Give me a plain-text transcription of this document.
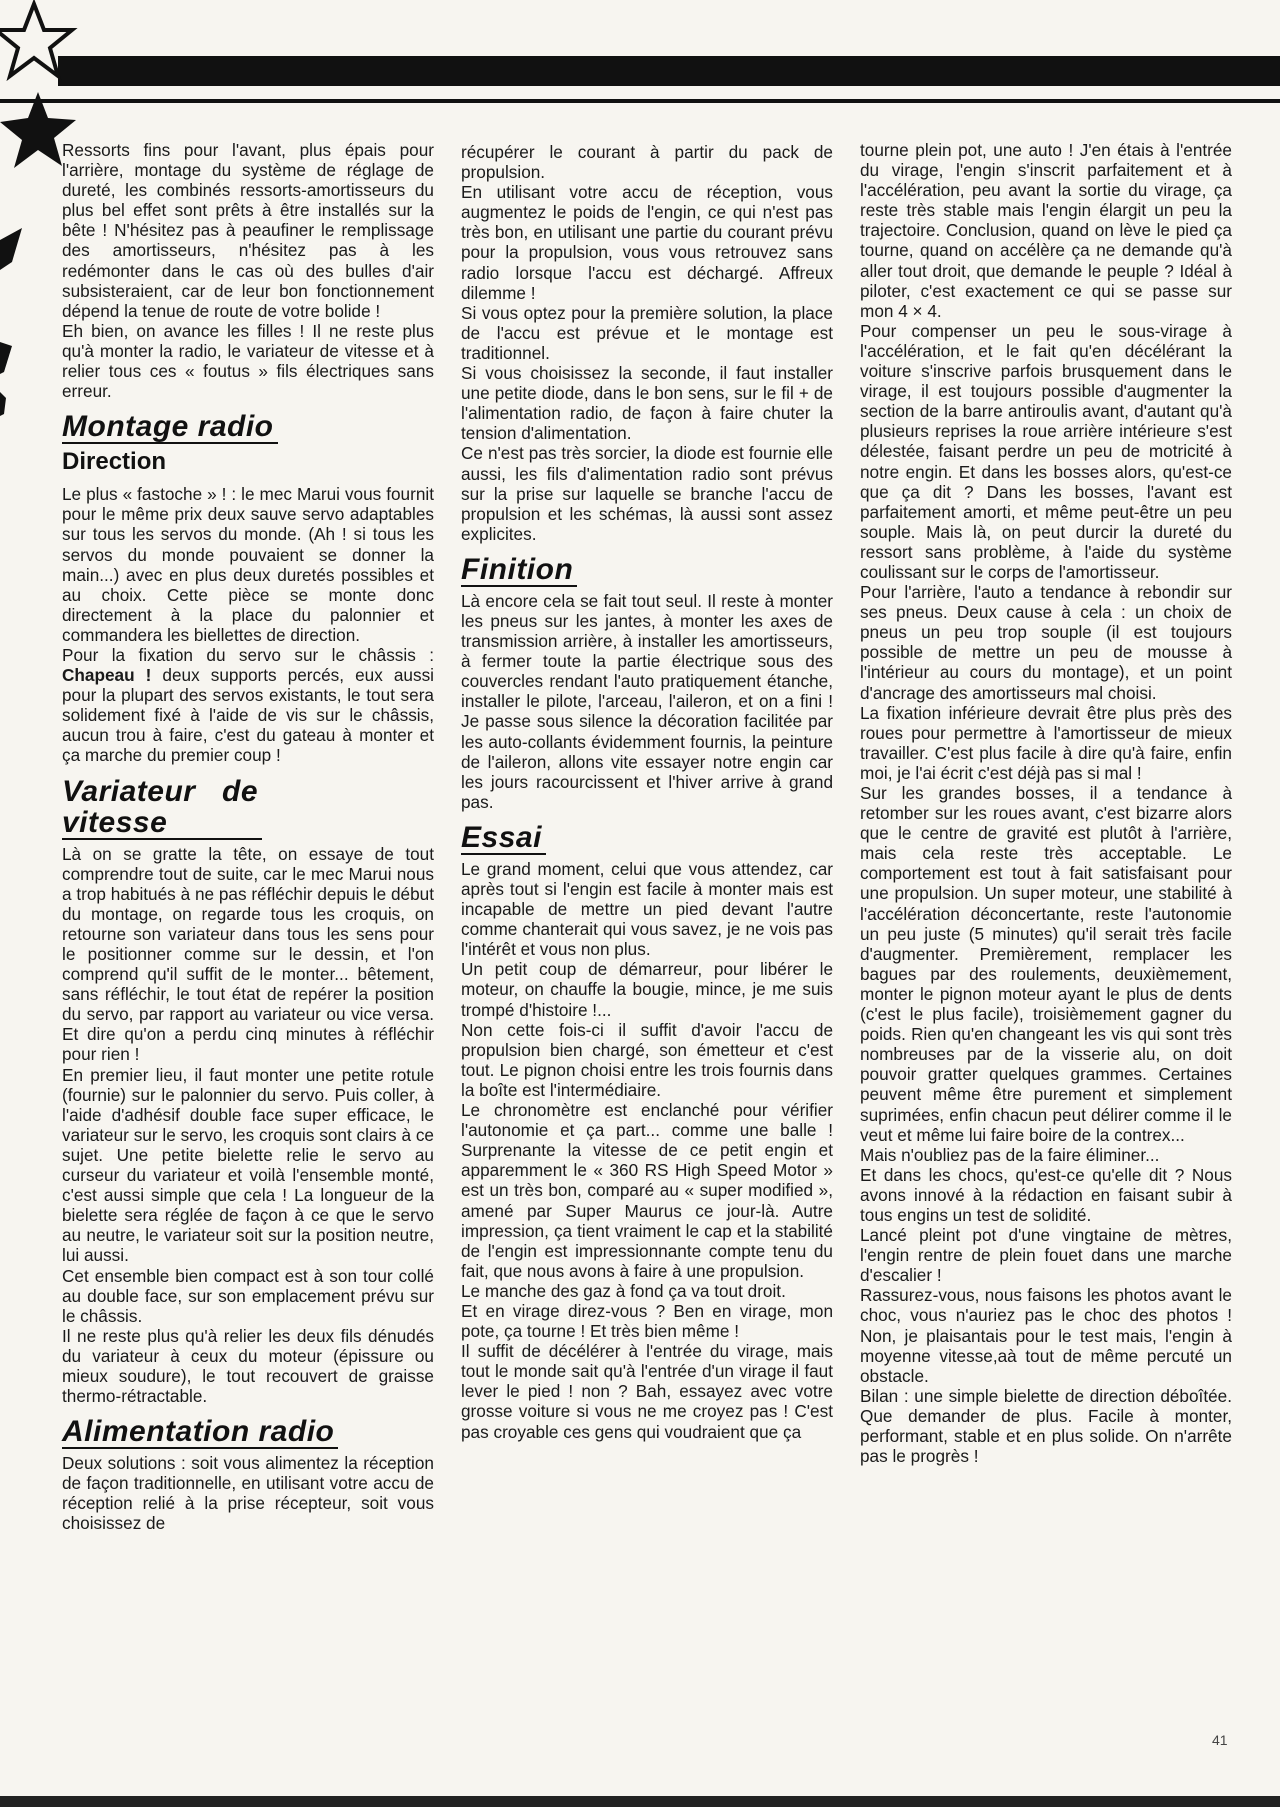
Ressorts fins pour l'avant, plus épais pour l'arrière, montage du système de réglage de dureté, les combinés ressorts-amortisseurs du plus bel effet sont prêts à être installés sur la bête ! N'hésitez pas à peaufiner le remplissage des amortisseurs, n'hésitez pas à les redémonter dans le cas où des bulles d'air subsisteraient, car de leur bon fonctionnement dépend la tenue de route de votre bolide !

Eh bien, on avance les filles ! Il ne reste plus qu'à monter la radio, le variateur de vitesse et à relier tous ces « foutus » fils électriques sans erreur.

Montage radio
Direction

Le plus « fastoche » ! : le mec Marui vous fournit pour le même prix deux sauve servo adaptables sur tous les servos du monde. (Ah ! si tous les servos du monde pouvaient se donner la main...) avec en plus deux duretés possibles et au choix. Cette pièce se monte donc directement à la place du palonnier et commandera les biellettes de direction.

Pour la fixation du servo sur le châssis : Chapeau ! deux supports percés, eux aussi pour la plupart des servos existants, le tout sera solidement fixé à l'aide de vis sur le châssis, aucun trou à faire, c'est du gateau à monter et ça marche du premier coup !

Variateur de vitesse

Là on se gratte la tête, on essaye de tout comprendre tout de suite, car le mec Marui nous a trop habitués à ne pas réfléchir depuis le début du montage, on regarde tous les croquis, on retourne son variateur dans tous les sens pour le positionner comme sur le dessin, et l'on comprend qu'il suffit de le monter... bêtement, sans réfléchir, le tout état de repérer la position du servo, par rapport au variateur ou vice versa. Et dire qu'on a perdu cinq minutes à réfléchir pour rien !

En premier lieu, il faut monter une petite rotule (fournie) sur le palonnier du servo. Puis coller, à l'aide d'adhésif double face super efficace, le variateur sur le servo, les croquis sont clairs à ce sujet. Une petite bielette relie le servo au curseur du variateur et voilà l'ensemble monté, c'est aussi simple que cela ! La longueur de la bielette sera réglée de façon à ce que le servo au neutre, le variateur soit sur la position neutre, lui aussi.

Cet ensemble bien compact est à son tour collé au double face, sur son emplacement prévu sur le châssis.

Il ne reste plus qu'à relier les deux fils dénudés du variateur à ceux du moteur (épissure ou mieux soudure), le tout recouvert de graisse thermo-rétractable.

Alimentation radio

Deux solutions : soit vous alimentez la réception de façon traditionnelle, en utilisant votre accu de réception relié à la prise récepteur, soit vous choisissez de

récupérer le courant à partir du pack de propulsion.

En utilisant votre accu de réception, vous augmentez le poids de l'engin, ce qui n'est pas très bon, en utilisant une partie du courant prévu pour la propulsion, vous vous retrouvez sans radio lorsque l'accu est déchargé. Affreux dilemme !

Si vous optez pour la première solution, la place de l'accu est prévue et le montage est traditionnel.

Si vous choisissez la seconde, il faut installer une petite diode, dans le bon sens, sur le fil + de l'alimentation radio, de façon à faire chuter la tension d'alimentation.

Ce n'est pas très sorcier, la diode est fournie elle aussi, les fils d'alimentation radio sont prévus sur la prise sur laquelle se branche l'accu de propulsion et les schémas, là aussi sont assez explicites.

Finition

Là encore cela se fait tout seul. Il reste à monter les pneus sur les jantes, à monter les axes de transmission arrière, à installer les amortisseurs, à fermer toute la partie électrique sous des couvercles rendant l'auto pratiquement étanche, installer le pilote, l'arceau, l'aileron, et on a fini ! Je passe sous silence la décoration facilitée par les auto-collants évidemment fournis, la peinture de l'aileron, allons vite essayer notre engin car les jours racourcissent et l'hiver arrive à grand pas.

Essai

Le grand moment, celui que vous attendez, car après tout si l'engin est facile à monter mais est incapable de mettre un pied devant l'autre comme chanterait qui vous savez, je ne vois pas l'intérêt et vous non plus.

Un petit coup de démarreur, pour libérer le moteur, on chauffe la bougie, mince, je me suis trompé d'histoire !...

Non cette fois-ci il suffit d'avoir l'accu de propulsion bien chargé, son émetteur et c'est tout. Le pignon choisi entre les trois fournis dans la boîte est l'intermédiaire.

Le chronomètre est enclanché pour vérifier l'autonomie et ça part... comme une balle ! Surprenante la vitesse de ce petit engin et apparemment le « 360 RS High Speed Motor » est un très bon, comparé au « super modified », amené par Super Maurus ce jour-là. Autre impression, ça tient vraiment le cap et la stabilité de l'engin est impressionnante compte tenu du fait, que nous avons à faire à une propulsion.

Le manche des gaz à fond ça va tout droit.

Et en virage direz-vous ? Ben en virage, mon pote, ça tourne ! Et très bien même !

Il suffit de décélérer à l'entrée du virage, mais tout le monde sait qu'à l'entrée d'un virage il faut lever le pied ! non ? Bah, essayez avec votre grosse voiture si vous ne me croyez pas ! C'est pas croyable ces gens qui voudraient que ça

tourne plein pot, une auto ! J'en étais à l'entrée du virage, l'engin s'inscrit parfaitement et à l'accélération, peu avant la sortie du virage, ça reste très stable mais l'engin élargit un peu la trajectoire. Conclusion, quand on lève le pied ça tourne, quand on accélère ça ne demande qu'à aller tout droit, que demande le peuple ? Idéal à piloter, c'est exactement ce qui se passe sur mon 4 × 4.

Pour compenser un peu le sous-virage à l'accélération, et le fait qu'en décélérant la voiture s'inscrive parfois brusquement dans le virage, il est toujours possible d'augmenter la section de la barre antiroulis avant, d'autant qu'à plusieurs reprises la roue arrière intérieure s'est délestée, faisant perdre un peu de motricité à notre engin. Et dans les bosses alors, qu'est-ce que ça dit ? Dans les bosses, l'avant est parfaitement amorti, et même peut-être un peu souple. Mais là, on peut durcir la dureté du ressort sans problème, à l'aide du système coulissant sur le corps de l'amortisseur.

Pour l'arrière, l'auto a tendance à rebondir sur ses pneus. Deux cause à cela : un choix de pneus un peu trop souple (il est toujours possible de mettre un peu de mousse à l'intérieur au cours du montage), et un point d'ancrage des amortisseurs mal choisi.

La fixation inférieure devrait être plus près des roues pour permettre à l'amortisseur de mieux travailler. C'est plus facile à dire qu'à faire, enfin moi, je l'ai écrit c'est déjà pas si mal !

Sur les grandes bosses, il a tendance à retomber sur les roues avant, c'est bizarre alors que le centre de gravité est plutôt à l'arrière, mais cela reste très acceptable. Le comportement est tout à fait satisfaisant pour une propulsion. Un super moteur, une stabilité à l'accélération déconcertante, reste l'autonomie un peu juste (5 minutes) qu'il serait très facile d'augmenter. Premièrement, remplacer les bagues par des roulements, deuxièmement, monter le pignon moteur ayant le plus de dents (c'est le plus facile), troisièmement gagner du poids. Rien qu'en changeant les vis qui sont très nombreuses par de la visserie alu, on doit pouvoir gratter quelques grammes. Certaines peuvent même être purement et simplement suprimées, enfin chacun peut délirer comme il le veut et même lui faire boire de la contrex...

Mais n'oubliez pas de la faire éliminer...

Et dans les chocs, qu'est-ce qu'elle dit ? Nous avons innové à la rédaction en faisant subir à tous engins un test de solidité.

Lancé pleint pot d'une vingtaine de mètres, l'engin rentre de plein fouet dans une marche d'escalier !

Rassurez-vous, nous faisons les photos avant le choc, vous n'auriez pas le choc des photos ! Non, je plaisantais pour le test mais, l'engin à moyenne vitesse,aà tout de même percuté un obstacle.

Bilan : une simple bielette de direction déboîtée. Que demander de plus. Facile à monter, performant, stable et en plus solide. On n'arrête pas le progrès !

41
